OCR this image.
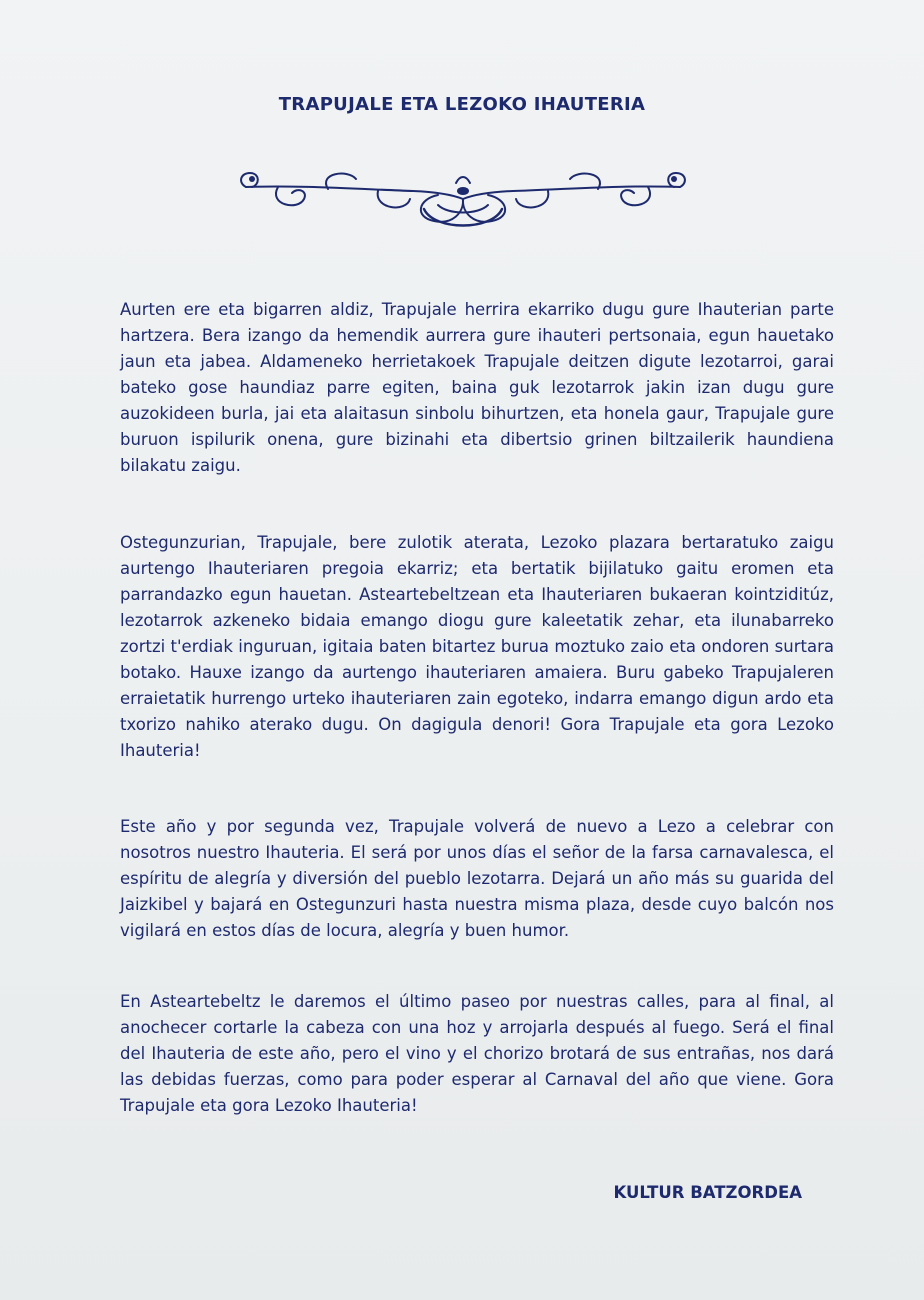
TRAPUJALE ETA LEZOKO IHAUTERIA

Aurten ere eta bigarren aldiz, Trapujale herrira ekarriko dugu gure Ihauterian parte hartzera. Bera izango da hemendik aurrera gure ihauteri pertsonaia, egun hauetako jaun eta jabea. Aldameneko herrietakoek Trapujale deitzen digute lezotarroi, garai bateko gose haundiaz parre egiten, baina guk lezotarrok jakin izan dugu gure auzokideen burla, jai eta alaitasun sinbolu bihurtzen, eta honela gaur, Trapujale gure buruon ispilurik onena, gure bizinahi eta dibertsio grinen biltzailerik haundiena bilakatu zaigu.

Ostegunzurian, Trapujale, bere zulotik aterata, Lezoko plazara bertaratuko zaigu aurtengo Ihauteriaren pregoia ekarriz; eta bertatik bijilatuko gaitu eromen eta parrandazko egun hauetan. Asteartebeltzean eta Ihauteriaren bukaeran kointziditúz, lezotarrok azkeneko bidaia emango diogu gure kaleetatik zehar, eta ilunabarreko zortzi t'erdiak inguruan, igitaia baten bitartez burua moztuko zaio eta ondoren surtara botako. Hauxe izango da aurtengo ihauteriaren amaiera. Buru gabeko Trapujaleren erraietatik hurrengo urteko ihauteriaren zain egoteko, indarra emango digun ardo eta txorizo nahiko aterako dugu. On dagigula denori! Gora Trapujale eta gora Lezoko Ihauteria!

Este año y por segunda vez, Trapujale volverá de nuevo a Lezo a celebrar con nosotros nuestro Ihauteria. El será por unos días el señor de la farsa carnavalesca, el espíritu de alegría y diversión del pueblo lezotarra. Dejará un año más su guarida del Jaizkibel y bajará en Ostegunzuri hasta nuestra misma plaza, desde cuyo balcón nos vigilará en estos días de locura, alegría y buen humor.

En Asteartebeltz le daremos el último paseo por nuestras calles, para al final, al anochecer cortarle la cabeza con una hoz y arrojarla después al fuego. Será el final del Ihauteria de este año, pero el vino y el chorizo brotará de sus entrañas, nos dará las debidas fuerzas, como para poder esperar al Carnaval del año que viene. Gora Trapujale eta gora Lezoko Ihauteria!

KULTUR BATZORDEA
